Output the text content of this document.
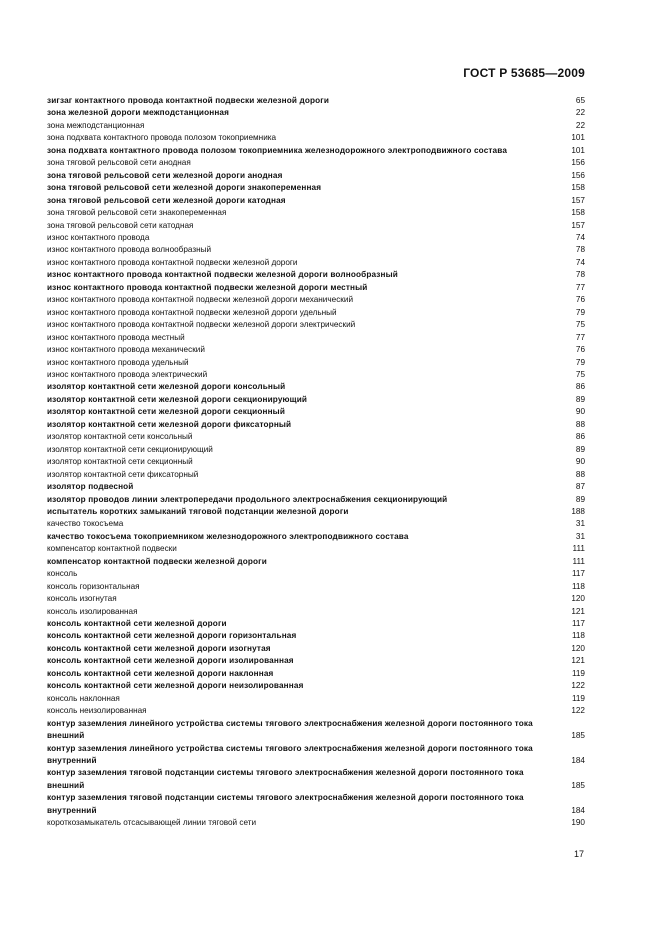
ГОСТ Р 53685—2009
зигзаг контактного провода контактной подвески железной дороги	65
зона железной дороги межподстанционная	22
зона межподстанционная	22
зона подхвата контактного провода полозом токоприемника	101
зона подхвата контактного провода полозом токоприемника железнодорожного электроподвижного состава	101
зона тяговой рельсовой сети анодная	156
зона тяговой рельсовой сети железной дороги анодная	156
зона тяговой рельсовой сети железной дороги знакопеременная	158
зона тяговой рельсовой сети железной дороги катодная	157
зона тяговой рельсовой сети знакопеременная	158
зона тяговой рельсовой сети катодная	157
износ контактного провода	74
износ контактного провода волнообразный	78
износ контактного провода контактной подвески железной дороги	74
износ контактного провода контактной подвески железной дороги волнообразный	78
износ контактного провода контактной подвески железной дороги местный	77
износ контактного провода контактной подвески железной дороги механический	76
износ контактного провода контактной подвески железной дороги удельный	79
износ контактного провода контактной подвески железной дороги электрический	75
износ контактного провода местный	77
износ контактного провода механический	76
износ контактного провода удельный	79
износ контактного провода электрический	75
изолятор контактной сети железной дороги консольный	86
изолятор контактной сети железной дороги секционирующий	89
изолятор контактной сети железной дороги секционный	90
изолятор контактной сети железной дороги фиксаторный	88
изолятор контактной сети консольный	86
изолятор контактной сети секционирующий	89
изолятор контактной сети секционный	90
изолятор контактной сети фиксаторный	88
изолятор подвесной	87
изолятор проводов линии электропередачи продольного электроснабжения секционирующий	89
испытатель коротких замыканий тяговой подстанции железной дороги	188
качество токосъема	31
качество токосъема токоприемником железнодорожного электроподвижного состава	31
компенсатор контактной подвески	111
компенсатор контактной подвески железной дороги	111
консоль	117
консоль горизонтальная	118
консоль изогнутая	120
консоль изолированная	121
консоль контактной сети железной дороги	117
консоль контактной сети железной дороги горизонтальная	118
консоль контактной сети железной дороги изогнутая	120
консоль контактной сети железной дороги изолированная	121
консоль контактной сети железной дороги наклонная	119
консоль контактной сети железной дороги неизолированная	122
консоль наклонная	119
консоль неизолированная	122
контур заземления линейного устройства системы тягового электроснабжения железной дороги постоянного тока внешний	185
контур заземления линейного устройства системы тягового электроснабжения железной дороги постоянного тока внутренний	184
контур заземления тяговой подстанции системы тягового электроснабжения железной дороги постоянного тока внешний	185
контур заземления тяговой подстанции системы тягового электроснабжения железной дороги постоянного тока внутренний	184
короткозамыкатель отсасывающей линии тяговой сети	190
17
